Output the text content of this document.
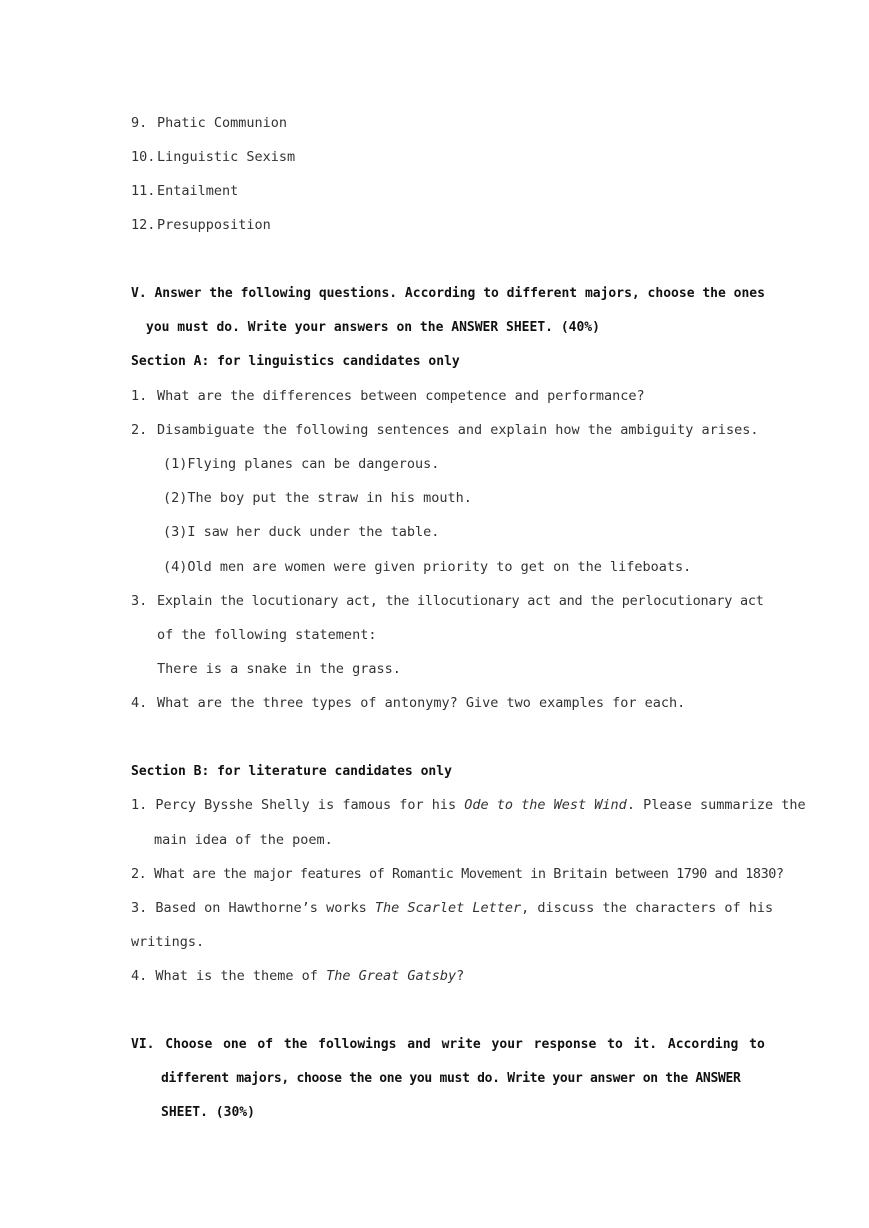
9. Phatic Communion
10. Linguistic Sexism
11. Entailment
12. Presupposition
V. Answer the following questions. According to different majors, choose the ones
you must do. Write your answers on the ANSWER SHEET. (40%)
Section A: for linguistics candidates only
1. What are the differences between competence and performance?
2. Disambiguate the following sentences and explain how the ambiguity arises.
(1)Flying planes can be dangerous.
(2)The boy put the straw in his mouth.
(3)I saw her duck under the table.
(4)Old men are women were given priority to get on the lifeboats.
3. Explain the locutionary act, the illocutionary act and the perlocutionary act
of the following statement:
There is a snake in the grass.
4. What are the three types of antonymy? Give two examples for each.
Section B: for literature candidates only
1. Percy Bysshe Shelly is famous for his Ode to the West Wind. Please summarize the
main idea of the poem.
2. What are the major features of Romantic Movement in Britain between 1790 and 1830?
3. Based on Hawthorne’s works The Scarlet Letter, discuss the characters of his
writings.
4. What is the theme of The Great Gatsby?
VI. Choose one of the followings and write your response to it. According to
different majors, choose the one you must do. Write your answer on the ANSWER
SHEET. (30%)
